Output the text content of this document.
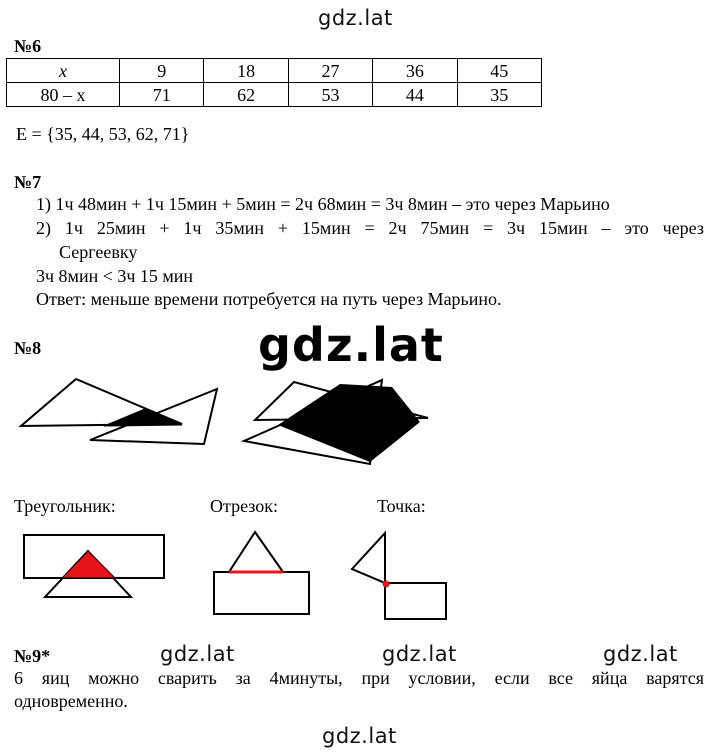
gdz.lat
№6
x	9	18	27	36	45
80 – x	71	62	53	44	35
E = {35, 44, 53, 62, 71}
№7
1) 1ч 48мин + 1ч 15мин + 5мин = 2ч 68мин = 3ч 8мин – это через Марьино
2) 1ч 25мин + 1ч 35мин + 15мин = 2ч 75мин = 3ч 15мин – это через
Сергеевку
3ч 8мин < 3ч 15 мин
Ответ: меньше времени потребуется на путь через Марьино.
№8	gdz.lat
Треугольник:	Отрезок:	Точка:
№9*	gdz.lat	gdz.lat	gdz.lat
6 яиц можно сварить за 4минуты, при условии, если все яйца варятся
одновременно.
gdz.lat
